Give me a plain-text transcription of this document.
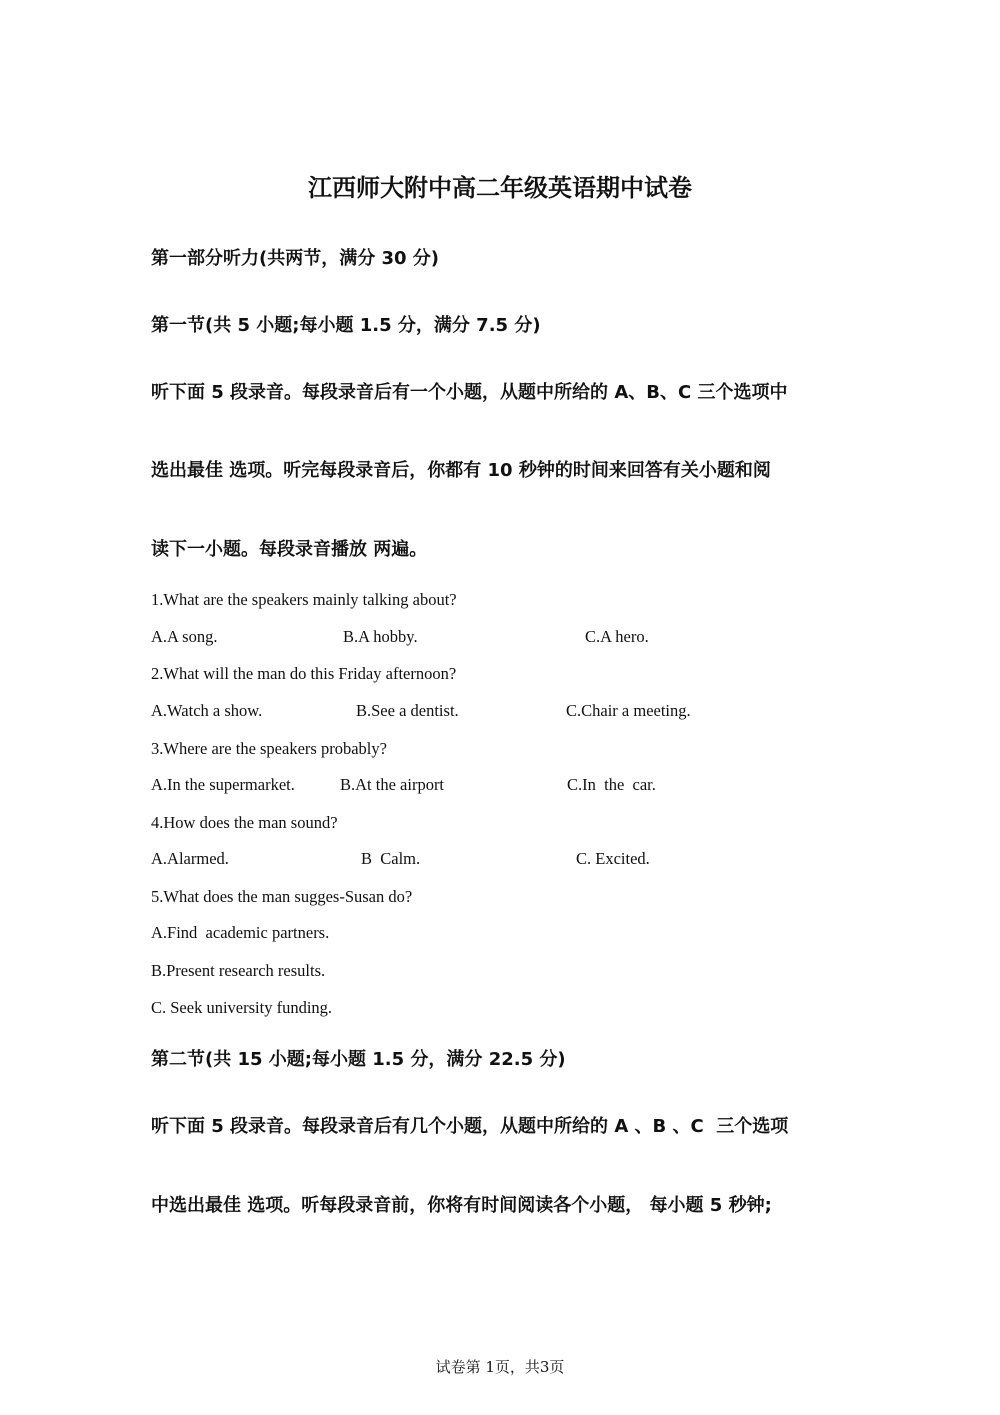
江西师大附中高二年级英语期中试卷
第一部分听力(共两节，满分 30 分)
第一节(共 5 小题;每小题 1.5 分，满分 7.5 分)
听下面 5 段录音。每段录音后有一个小题，从题中所给的 A、B、C 三个选项中
选出最佳 选项。听完每段录音后，你都有 10 秒钟的时间来回答有关小题和阅
读下一小题。每段录音播放 两遍。
1.What are the speakers mainly talking about?
A.A song.	B.A hobby.	C.A hero.
2.What will the man do this Friday afternoon?
A.Watch a show.	B.See a dentist.	C.Chair a meeting.
3.Where are the speakers probably?
A.In the supermarket.	B.At the airport	C.In  the  car.
4.How does the man sound?
A.Alarmed.	B  Calm.	C. Excited.
5.What does the man sugges-Susan do?
A.Find  academic partners.
B.Present research results.
C. Seek university funding.
第二节(共 15 小题;每小题 1.5 分，满分 22.5 分)
听下面 5 段录音。每段录音后有几个小题，从题中所给的 A 、B 、C  三个选项
中选出最佳 选项。听每段录音前，你将有时间阅读各个小题， 每小题 5 秒钟;
试卷第 1页，共3页
